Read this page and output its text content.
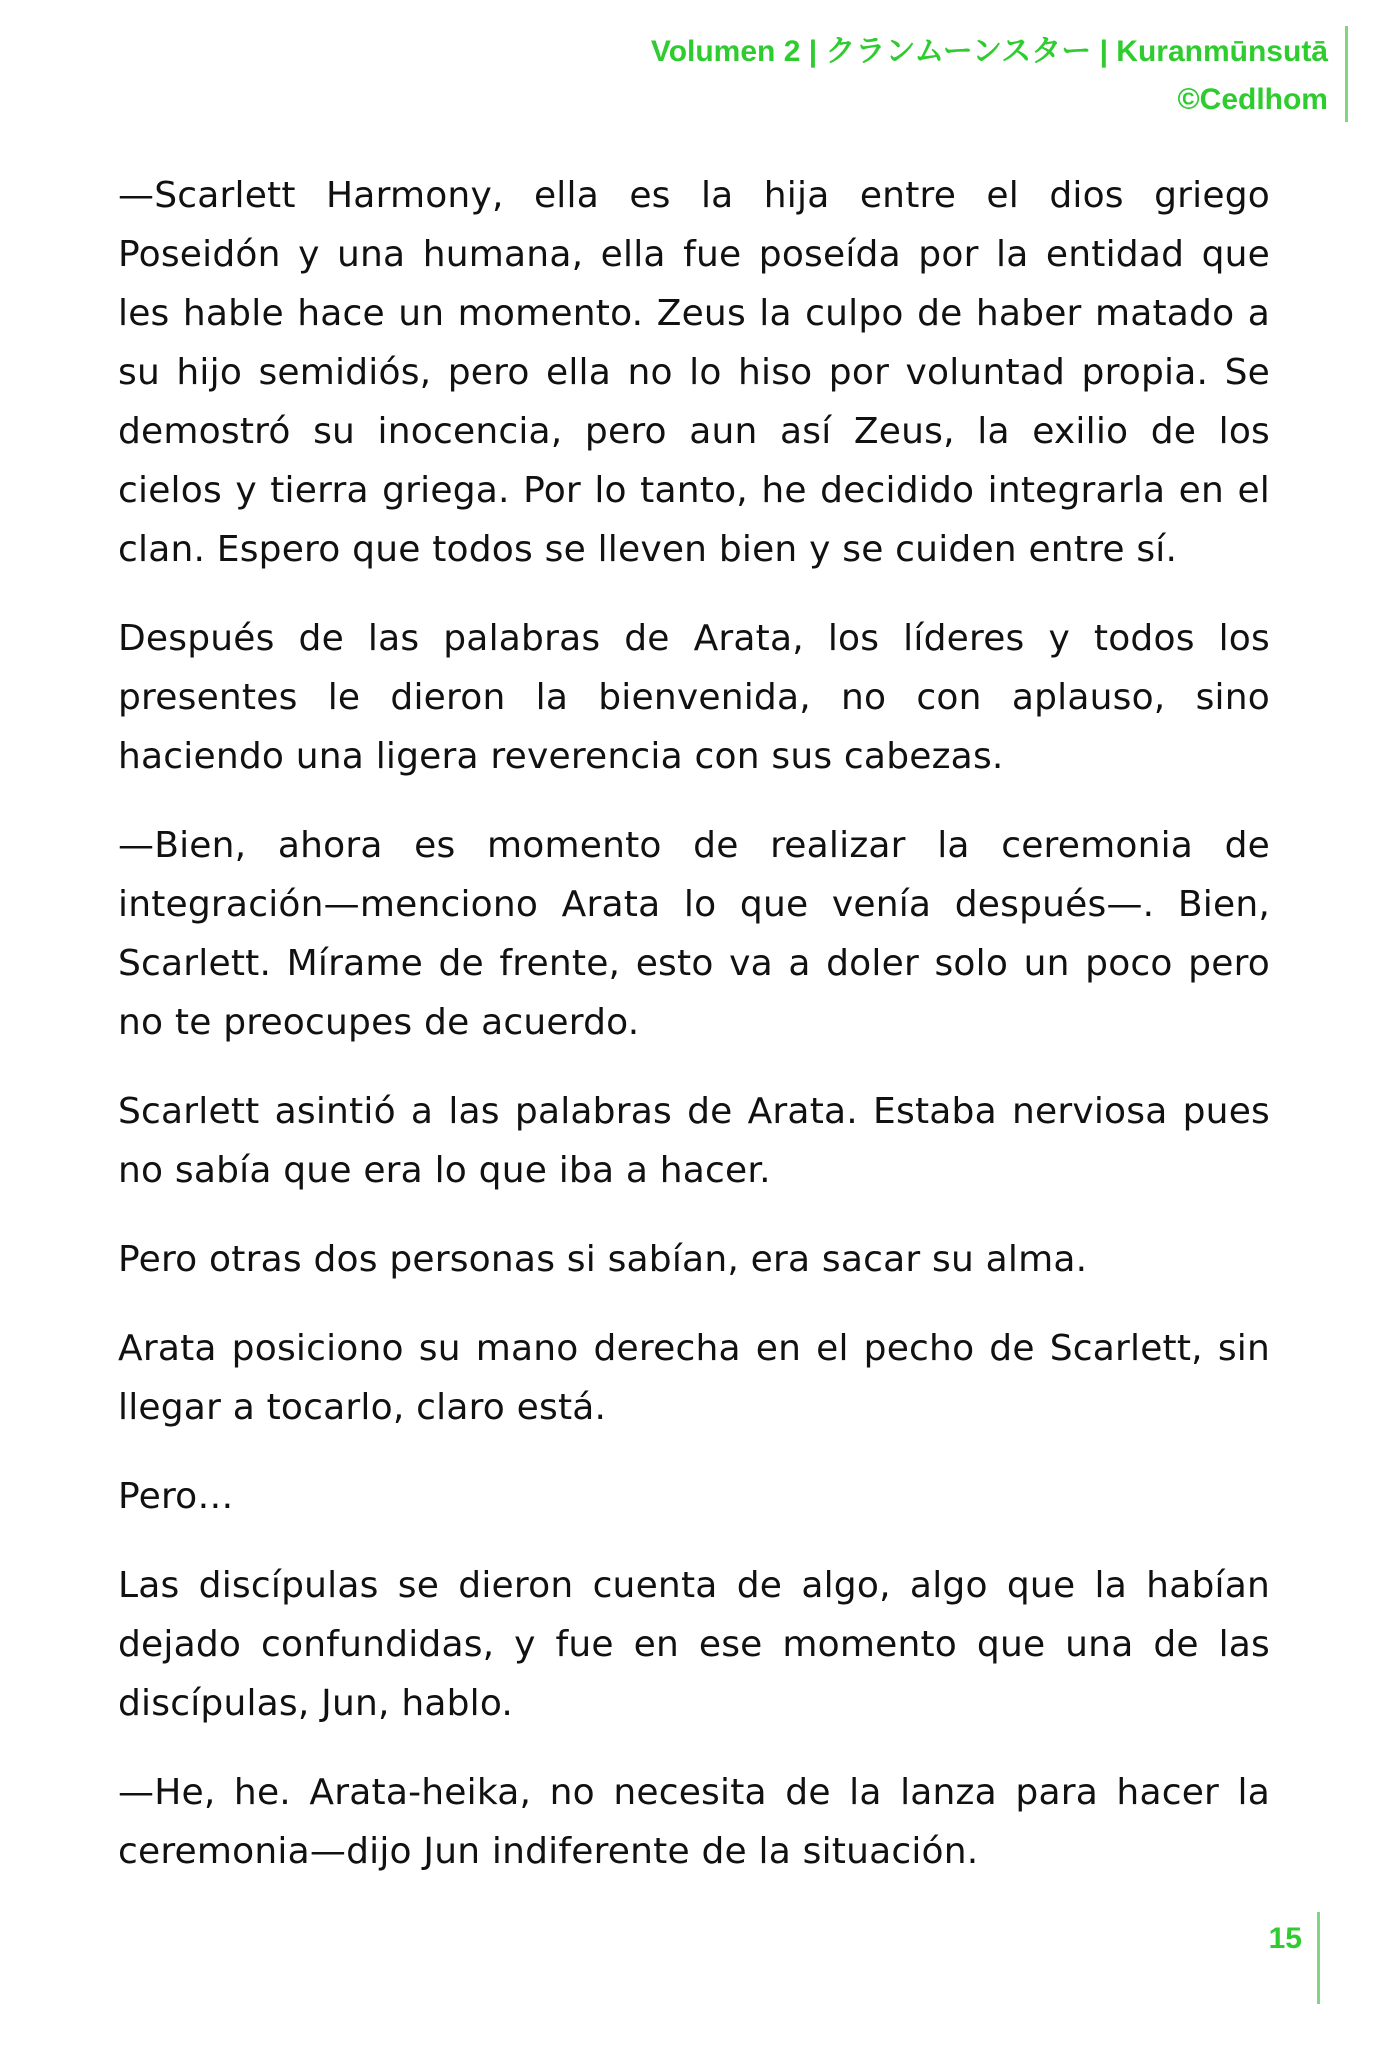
Volumen 2 | クランムーンスター | Kuranmūnsutā
©Cedlhom

—Scarlett Harmony, ella es la hija entre el dios griego Poseidón y una humana, ella fue poseída por la entidad que les hable hace un momento. Zeus la culpo de haber matado a su hijo semidiós, pero ella no lo hiso por voluntad propia. Se demostró su inocencia, pero aun así Zeus, la exilio de los cielos y tierra griega. Por lo tanto, he decidido integrarla en el clan. Espero que todos se lleven bien y se cuiden entre sí.

Después de las palabras de Arata, los líderes y todos los presentes le dieron la bienvenida, no con aplauso, sino haciendo una ligera reverencia con sus cabezas.

—Bien, ahora es momento de realizar la ceremonia de integración—menciono Arata lo que venía después—. Bien, Scarlett. Mírame de frente, esto va a doler solo un poco pero no te preocupes de acuerdo.

Scarlett asintió a las palabras de Arata. Estaba nerviosa pues no sabía que era lo que iba a hacer.

Pero otras dos personas si sabían, era sacar su alma.

Arata posiciono su mano derecha en el pecho de Scarlett, sin llegar a tocarlo, claro está.

Pero…

Las discípulas se dieron cuenta de algo, algo que la habían dejado confundidas, y fue en ese momento que una de las discípulas, Jun, hablo.

—He, he. Arata-heika, no necesita de la lanza para hacer la ceremonia—dijo Jun indiferente de la situación.

15
